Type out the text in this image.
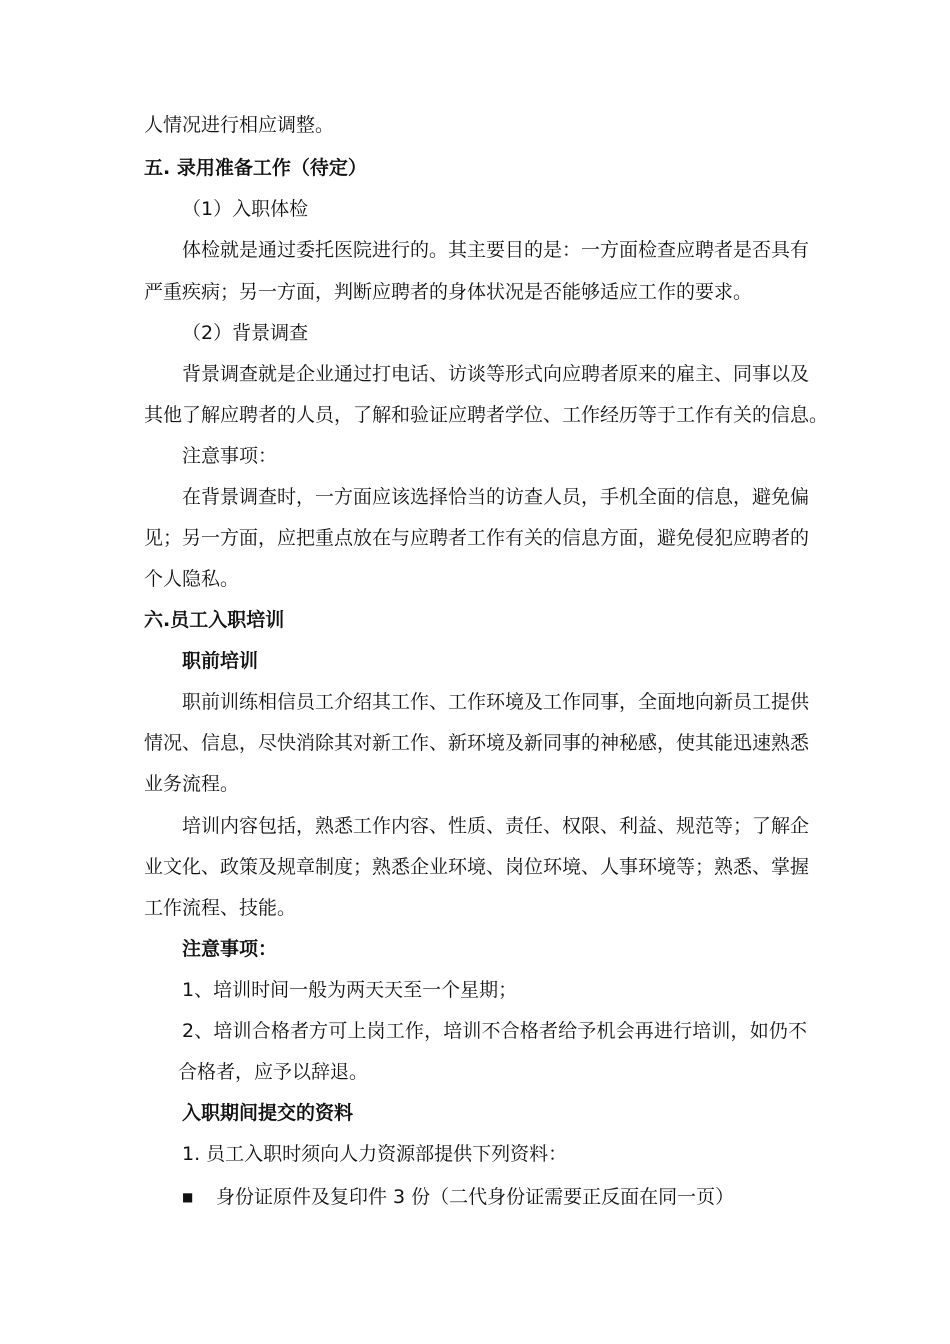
人情况进行相应调整。
五. 录用准备工作（待定）
（1）入职体检
体检就是通过委托医院进行的。其主要目的是：一方面检查应聘者是否具有
严重疾病；另一方面，判断应聘者的身体状况是否能够适应工作的要求。
（2）背景调查
背景调查就是企业通过打电话、访谈等形式向应聘者原来的雇主、同事以及
其他了解应聘者的人员，了解和验证应聘者学位、工作经历等于工作有关的信息。
注意事项：
在背景调查时，一方面应该选择恰当的访查人员，手机全面的信息，避免偏
见；另一方面，应把重点放在与应聘者工作有关的信息方面，避免侵犯应聘者的
个人隐私。
六.员工入职培训
职前培训
职前训练相信员工介绍其工作、工作环境及工作同事，全面地向新员工提供
情况、信息，尽快消除其对新工作、新环境及新同事的神秘感，使其能迅速熟悉
业务流程。
培训内容包括，熟悉工作内容、性质、责任、权限、利益、规范等；了解企
业文化、政策及规章制度；熟悉企业环境、岗位环境、人事环境等；熟悉、掌握
工作流程、技能。
注意事项：
1、培训时间一般为两天天至一个星期；
2、培训合格者方可上岗工作，培训不合格者给予机会再进行培训，如仍不
合格者，应予以辞退。
入职期间提交的资料
1. 员工入职时须向人力资源部提供下列资料：
■ 身份证原件及复印件 3 份（二代身份证需要正反面在同一页）
